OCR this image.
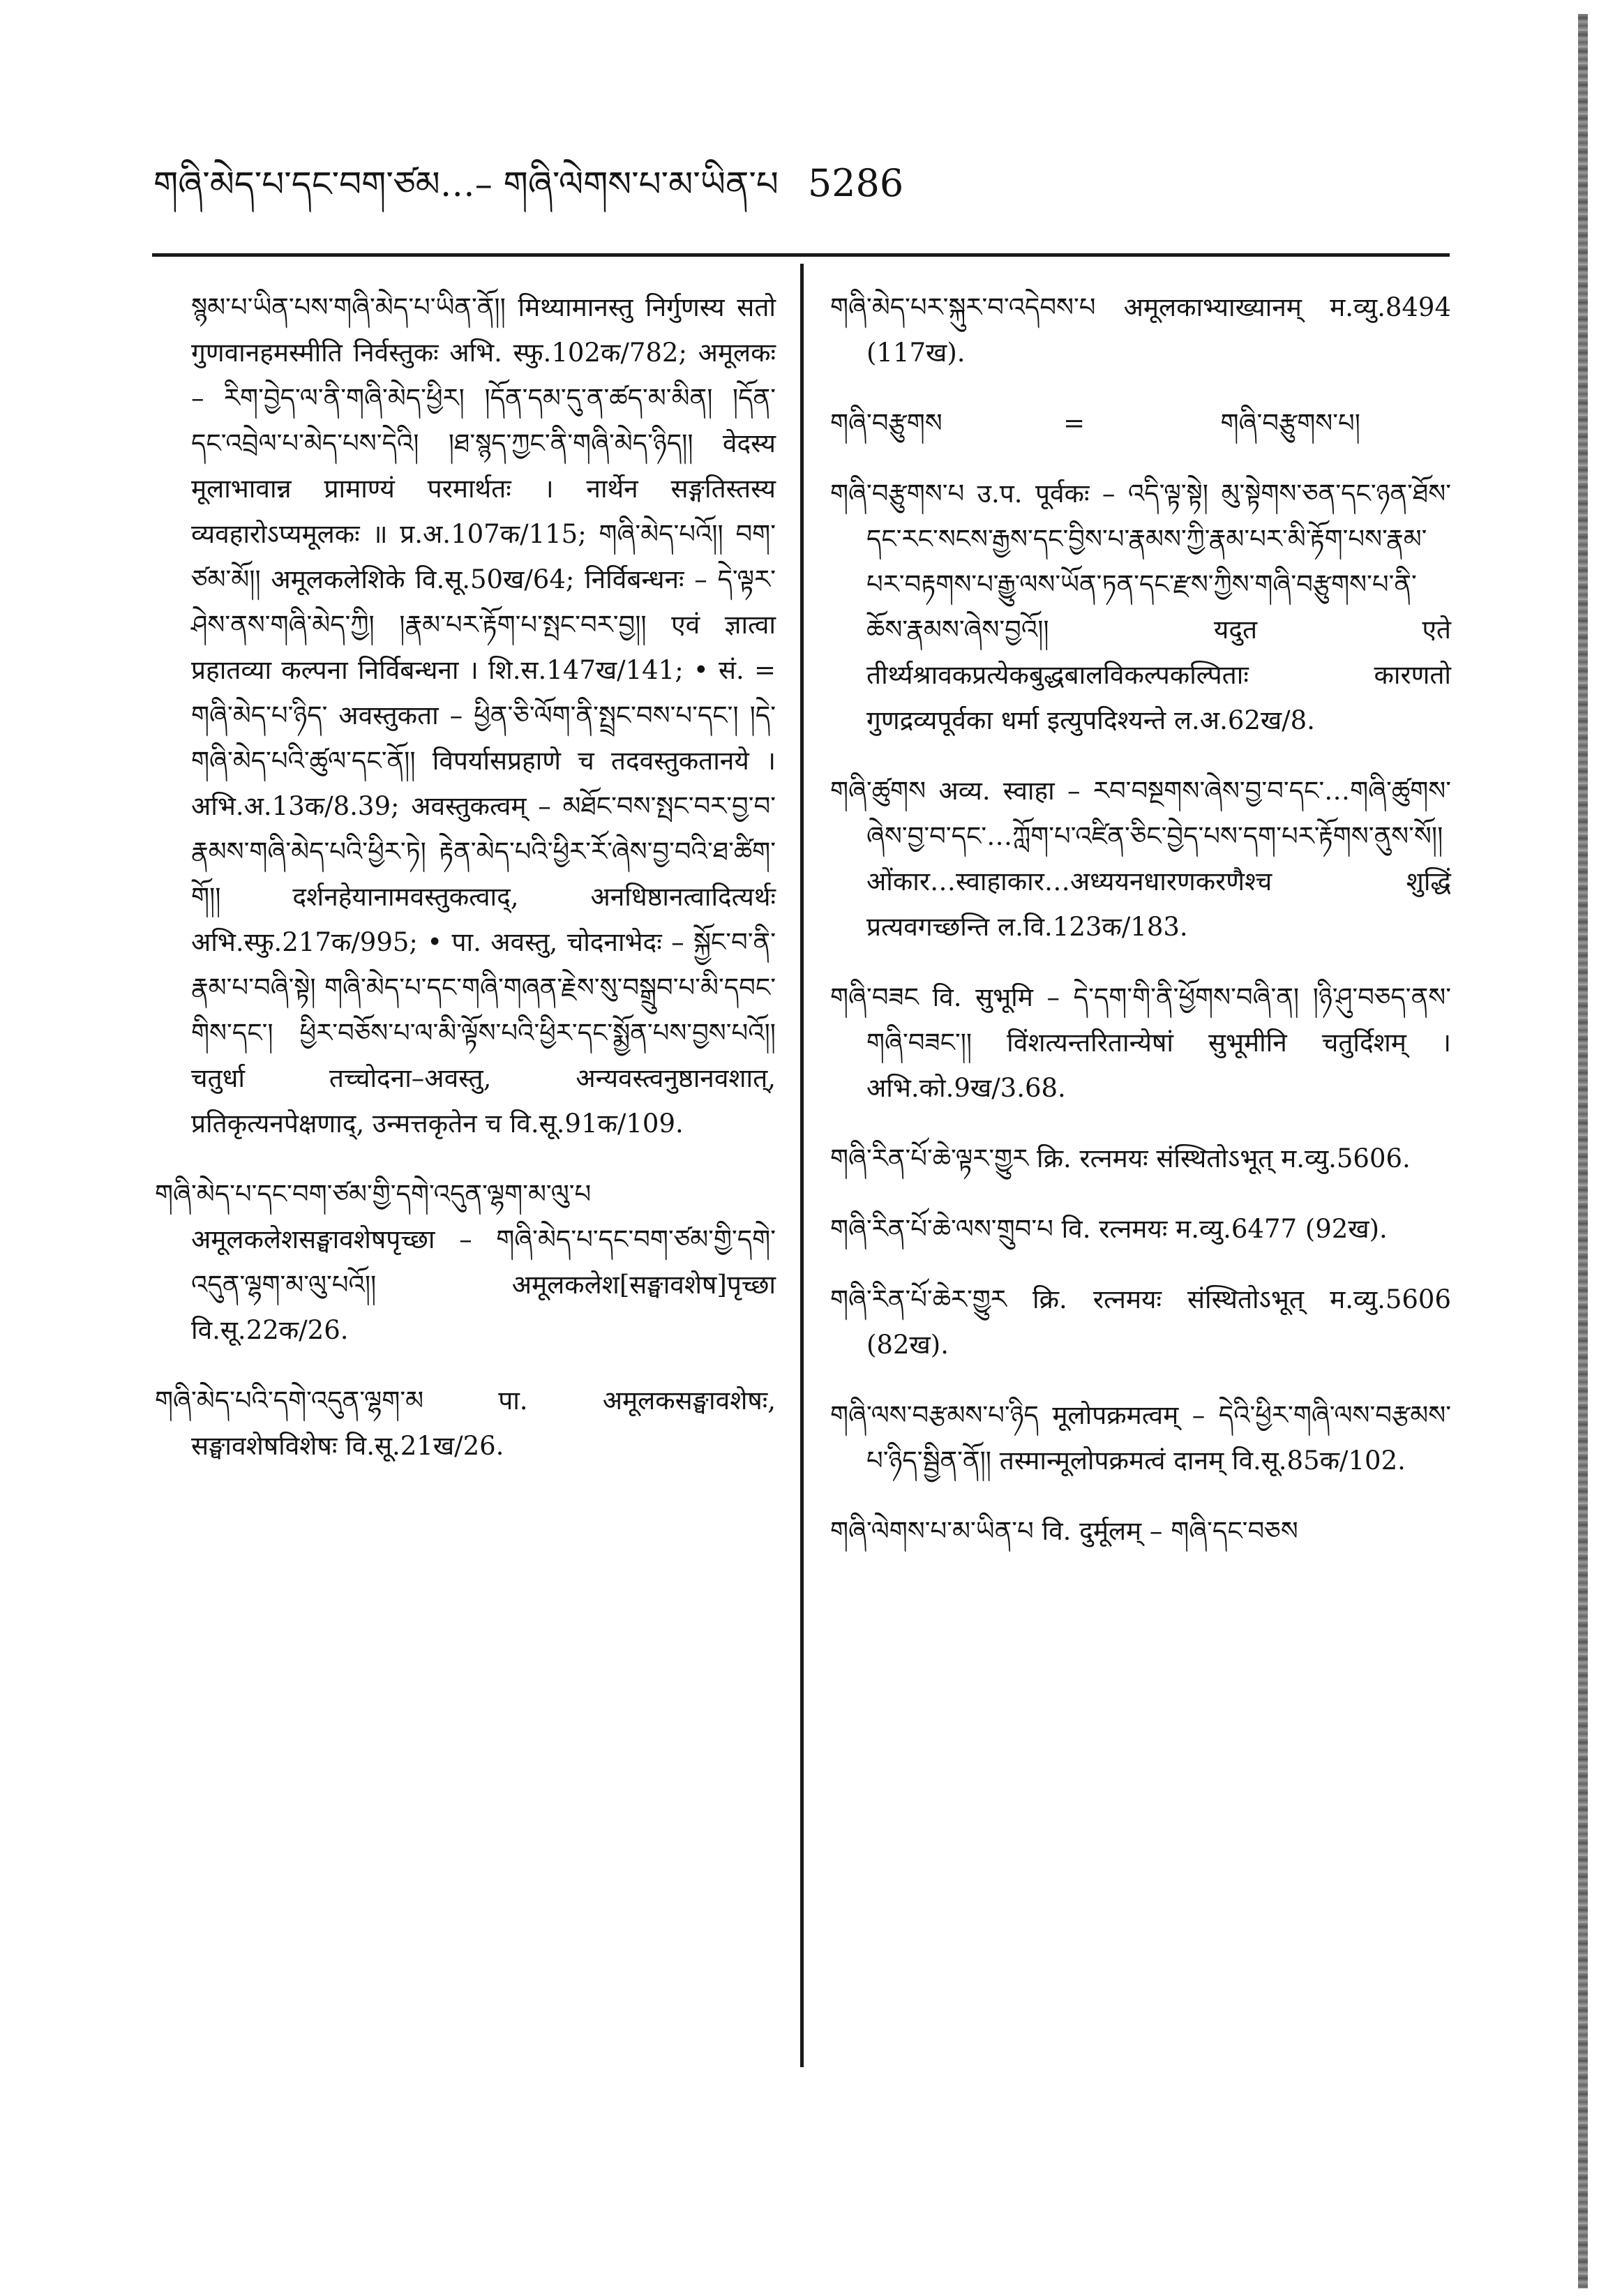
གཞི་མེད་པ་དང་བག་ཙམ…– གཞི་ལེགས་པ་མ་ཡིན་པ 5286

སྙམ་པ་ཡིན་པས་གཞི་མེད་པ་ཡིན་ནོ།། मिथ्यामानस्तु निर्गुणस्य सतो गुणवानहमस्मीति निर्वस्तुकः अभि. स्फु.102क/782; अमूलकः – རིག་བྱེད་ལ་ནི་གཞི་མེད་ཕྱིར། །དོན་དམ་དུ་ན་ཚད་མ་མིན། །དོན་དང་འབྲེལ་པ་མེད་པས་དེའི། །ཐ་སྙད་ཀྱང་ནི་གཞི་མེད་ཉིད།། वेदस्य मूलाभावान्न प्रामाण्यं परमार्थतः । नार्थेन सङ्गतिस्तस्य व्यवहारोऽप्यमूलकः ॥ प्र.अ.107क/115; གཞི་མེད་པའོ།། བག་ཙམ་མོ།། अमूलकलेशिके वि.सू.50ख/64; निर्विबन्धनः – དེ་ལྟར་ཤེས་ནས་གཞི་མེད་ཀྱི། །རྣམ་པར་རྟོག་པ་སྤང་བར་བྱ།། एवं ज्ञात्वा प्रहातव्या कल्पना निर्विबन्धना । शि.स.147ख/141; • सं. = གཞི་མེད་པ་ཉིད་ अवस्तुकता – ཕྱིན་ཅི་ལོག་ནི་སྤྲང་བས་པ་དང་། །དེ་གཞི་མེད་པའི་ཚུལ་དང་ནོ།། विपर्यासप्रहाणे च तदवस्तुकतानये । अभि.अ.13क/8.39; अवस्तुकत्वम् – མཐོང་བས་སྤང་བར་བྱ་བ་རྣམས་གཞི་མེད་པའི་ཕྱིར་ཏེ། རྟེན་མེད་པའི་ཕྱིར་རོ་ཞེས་བྱ་བའི་ཐ་ཚིག་གོ།། दर्शनहेयानामवस्तुकत्वाद्, अनधिष्ठानत्वादित्यर्थः अभि.स्फु.217क/995; • पा. अवस्तु, चोदनाभेदः – སྐྱོང་བ་ནི་རྣམ་པ་བཞི་སྟེ། གཞི་མེད་པ་དང་གཞི་གཞན་རྗེས་སུ་བསྒྲུབ་པ་མི་དབང་གིས་དང་། ཕྱིར་བཅོས་པ་ལ་མི་ལྟོས་པའི་ཕྱིར་དང་སྨྱོན་པས་བྱས་པའོ།། चतुर्धा तच्चोदना–अवस्तु, अन्यवस्त्वनुष्ठानवशात्, प्रतिकृत्यनपेक्षणाद्, उन्मत्तकृतेन च वि.सू.91क/109.

གཞི་མེད་པ་དང་བག་ཙམ་གྱི་དགེ་འདུན་ལྷག་མ་ལུ་པ अमूलकलेशसङ्घावशेषपृच्छा – གཞི་མེད་པ་དང་བག་ཙམ་གྱི་དགེ་འདུན་ལྷག་མ་ལུ་པའོ།། अमूलकलेश[सङ्घावशेष]पृच्छा वि.सू.22क/26.

གཞི་མེད་པའི་དགེ་འདུན་ལྷག་མ पा. अमूलकसङ्घावशेषः, सङ्घावशेषविशेषः वि.सू.21ख/26.

གཞི་མེད་པར་སྐུར་བ་འདེབས་པ अमूलकाभ्याख्यानम् म.व्यु.8494 (117ख).

གཞི་བརྩུགས	=	གཞི་བརྩུགས་པ།

གཞི་བརྩུགས་པ उ.प. पूर्वकः – འདི་ལྟ་སྟེ། མུ་སྟེགས་ཅན་དང་ཉན་ཐོས་དང་རང་སངས་རྒྱས་དང་བྱིས་པ་རྣམས་ཀྱི་རྣམ་པར་མི་རྟོག་པས་རྣམ་པར་བརྟགས་པ་རྒྱུ་ལས་ཡོན་ཏན་དང་རྫས་ཀྱིས་གཞི་བརྩུགས་པ་ནི་ཆོས་རྣམས་ཞེས་བྱའོ།། यदुत एते तीर्थ्यश्रावकप्रत्येकबुद्धबालविकल्पकल्पिताः कारणतो गुणद्रव्यपूर्वका धर्मा इत्युपदिश्यन्ते ल.अ.62ख/8.

གཞི་ཚུགས अव्य. स्वाहा – རབ་བསྔགས་ཞེས་བྱ་བ་དང་…གཞི་ཚུགས་ཞེས་བྱ་བ་དང་…ཀློག་པ་འཛིན་ཅིང་བྱེད་པས་དག་པར་རྟོགས་ནུས་སོ།། ओंकार…स्वाहाकार…अध्ययनधारणकरणैश्च शुद्धिं प्रत्यवगच्छन्ति ल.वि.123क/183.

གཞི་བཟང वि. सुभूमि – དེ་དག་གི་ནི་ཕྱོགས་བཞི་ན། །ཉི་ཤུ་བཅད་ནས་གཞི་བཟང་།། विंशत्यन्तरितान्येषां सुभूमीनि चतुर्दिशम् । अभि.को.9ख/3.68.

གཞི་རིན་པོ་ཆེ་ལྟར་གྱུར क्रि. रत्नमयः संस्थितोऽभूत् म.व्यु.5606.

གཞི་རིན་པོ་ཆེ་ལས་གྲུབ་པ वि. रत्नमयः म.व्यु.6477 (92ख).

གཞི་རིན་པོ་ཆེར་གྱུར क्रि. रत्नमयः संस्थितोऽभूत् म.व्यु.5606 (82ख).

གཞི་ལས་བརྩམས་པ་ཉིད मूलोपक्रमत्वम् – དེའི་ཕྱིར་གཞི་ལས་བརྩམས་པ་ཉིད་སྦྱིན་ནོ།། तस्मान्मूलोपक्रमत्वं दानम् वि.सू.85क/102.

གཞི་ལེགས་པ་མ་ཡིན་པ वि. दुर्मूलम् – གཞི་དང་བཅས
